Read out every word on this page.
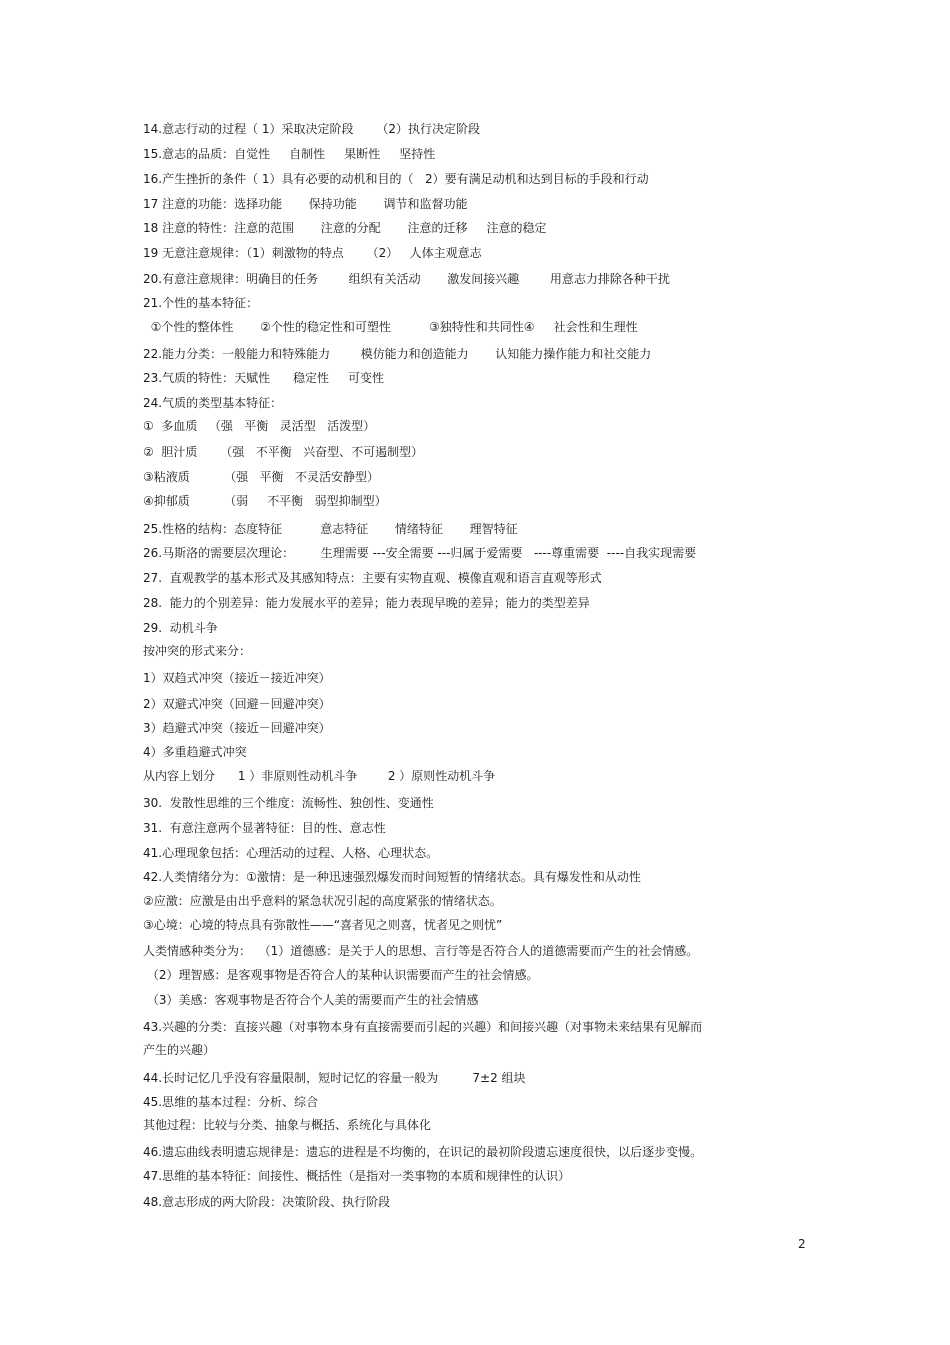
14.意志行动的过程（ 1）采取决定阶段      （2）执行决定阶段
15.意志的品质：自觉性     自制性     果断性     坚持性
16.产生挫折的条件（ 1）具有必要的动机和目的（   2）要有满足动机和达到目标的手段和行动
17 注意的功能：选择功能       保持功能       调节和监督功能
18 注意的特性：注意的范围       注意的分配       注意的迁移     注意的稳定
19 无意注意规律：（1）刺激物的特点      （2）   人体主观意志
20.有意注意规律：明确目的任务        组织有关活动       激发间接兴趣        用意志力排除各种干扰
21.个性的基本特征：
①个性的整体性       ②个性的稳定性和可塑性          ③独特性和共同性④     社会性和生理性
22.能力分类：一般能力和特殊能力        模仿能力和创造能力       认知能力操作能力和社交能力
23.气质的特性：天赋性      稳定性     可变性
24.气质的类型基本特征：
①  多血质   （强   平衡   灵活型   活泼型）
②  胆汁质      （强   不平衡   兴奋型、不可遏制型）
③粘液质         （强   平衡   不灵活安静型）
④抑郁质         （弱     不平衡   弱型抑制型）
25.性格的结构：态度特征          意志特征       情绪特征       理智特征
26.马斯洛的需要层次理论：       生理需要 ---安全需要 ---归属于爱需要   ----尊重需要  ----自我实现需要
27.  直观教学的基本形式及其感知特点：主要有实物直观、模像直观和语言直观等形式
28.  能力的个别差异：能力发展水平的差异；能力表现早晚的差异；能力的类型差异
29.  动机斗争
按冲突的形式来分：
1）双趋式冲突（接近－接近冲突）
2）双避式冲突（回避－回避冲突）
3）趋避式冲突（接近－回避冲突）
4）多重趋避式冲突
从内容上划分      1 ）非原则性动机斗争        2 ）原则性动机斗争
30.  发散性思维的三个维度：流畅性、独创性、变通性
31.  有意注意两个显著特征：目的性、意志性
41.心理现象包括：心理活动的过程、人格、心理状态。
42.人类情绪分为：①激情：是一种迅速强烈爆发而时间短暂的情绪状态。具有爆发性和从动性
②应激：应激是由出乎意料的紧急状况引起的高度紧张的情绪状态。
③心境：心境的特点具有弥散性——“喜者见之则喜，忧者见之则忧”
人类情感种类分为：  （1）道德感：是关于人的思想、言行等是否符合人的道德需要而产生的社会情感。
（2）理智感：是客观事物是否符合人的某种认识需要而产生的社会情感。
（3）美感：客观事物是否符合个人美的需要而产生的社会情感
43.兴趣的分类：直接兴趣（对事物本身有直接需要而引起的兴趣）和间接兴趣（对事物未来结果有见解而
产生的兴趣）
44.长时记忆几乎没有容量限制，短时记忆的容量一般为         7±2 组块
45.思维的基本过程：分析、综合
其他过程：比较与分类、抽象与概括、系统化与具体化
46.遗忘曲线表明遗忘规律是：遗忘的进程是不均衡的，在识记的最初阶段遗忘速度很快，以后逐步变慢。
47.思维的基本特征：间接性、概括性（是指对一类事物的本质和规律性的认识）
48.意志形成的两大阶段：决策阶段、执行阶段
2
